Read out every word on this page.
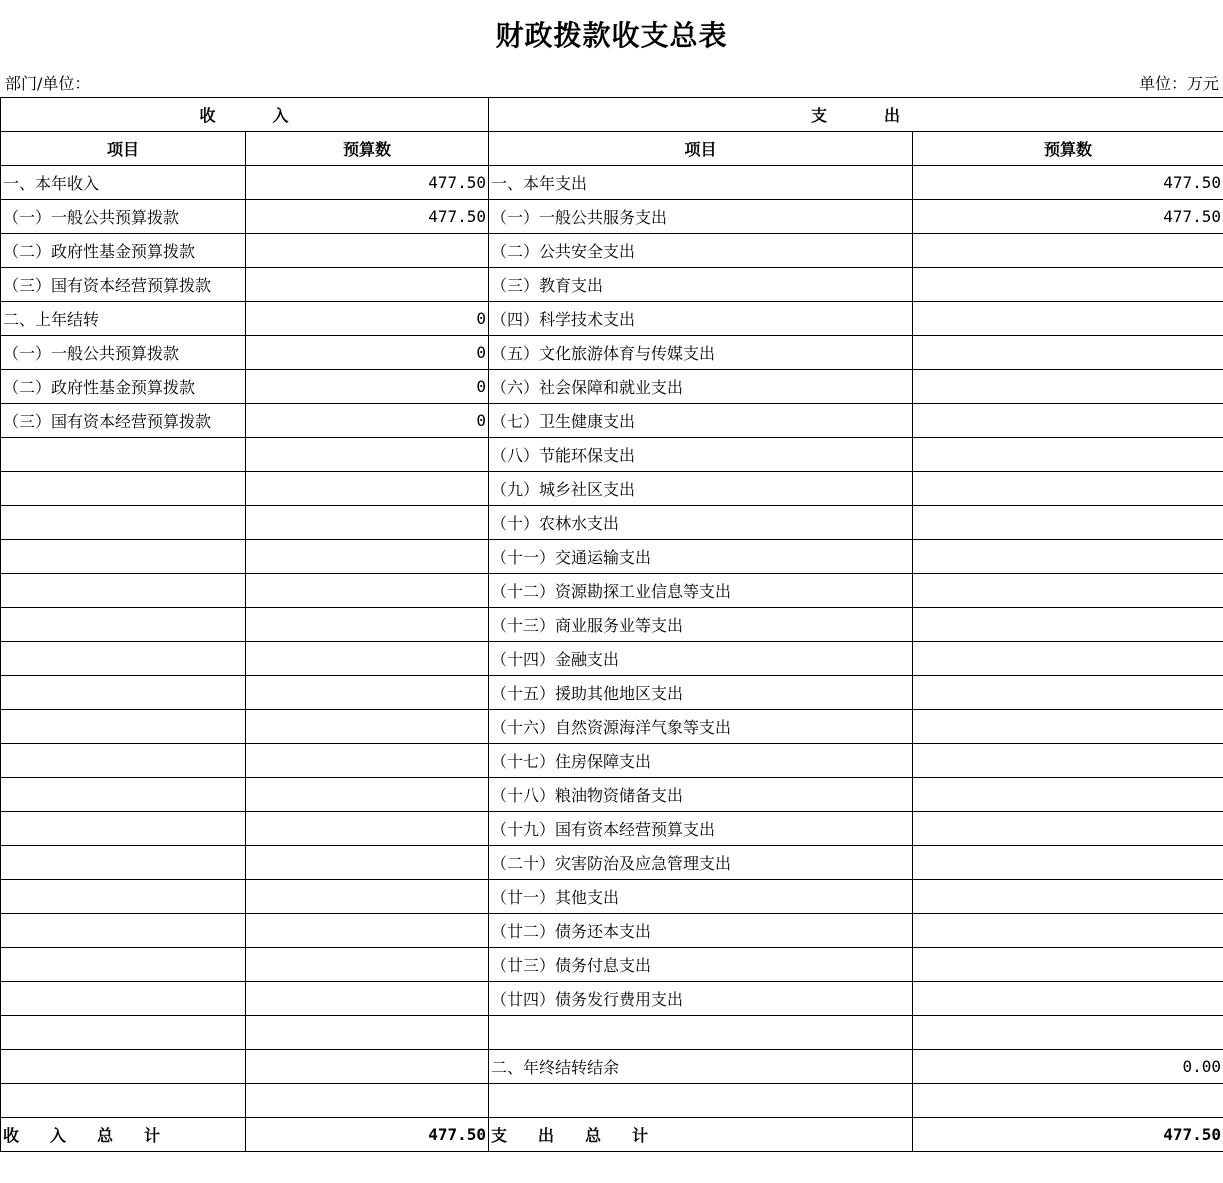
财政拨款收支总表
部门/单位：	单位：万元
收 入		支 出	
项目	预算数	项目	预算数
一、本年收入	477.50	一、本年支出	477.50
（一）一般公共预算拨款	477.50	（一）一般公共服务支出	477.50
（二）政府性基金预算拨款		（二）公共安全支出	
（三）国有资本经营预算拨款		（三）教育支出	
二、上年结转	0	（四）科学技术支出	
（一）一般公共预算拨款	0	（五）文化旅游体育与传媒支出	
（二）政府性基金预算拨款	0	（六）社会保障和就业支出	
（三）国有资本经营预算拨款	0	（七）卫生健康支出	
		（八）节能环保支出	
		（九）城乡社区支出	
		（十）农林水支出	
		（十一）交通运输支出	
		（十二）资源勘探工业信息等支出	
		（十三）商业服务业等支出	
		（十四）金融支出	
		（十五）援助其他地区支出	
		（十六）自然资源海洋气象等支出	
		（十七）住房保障支出	
		（十八）粮油物资储备支出	
		（十九）国有资本经营预算支出	
		（二十）灾害防治及应急管理支出	
		（廿一）其他支出	
		（廿二）债务还本支出	
		（廿三）债务付息支出	
		（廿四）债务发行费用支出	

		二、年终结转结余	0.00

收 入 总 计	477.50	支 出 总 计	477.50
